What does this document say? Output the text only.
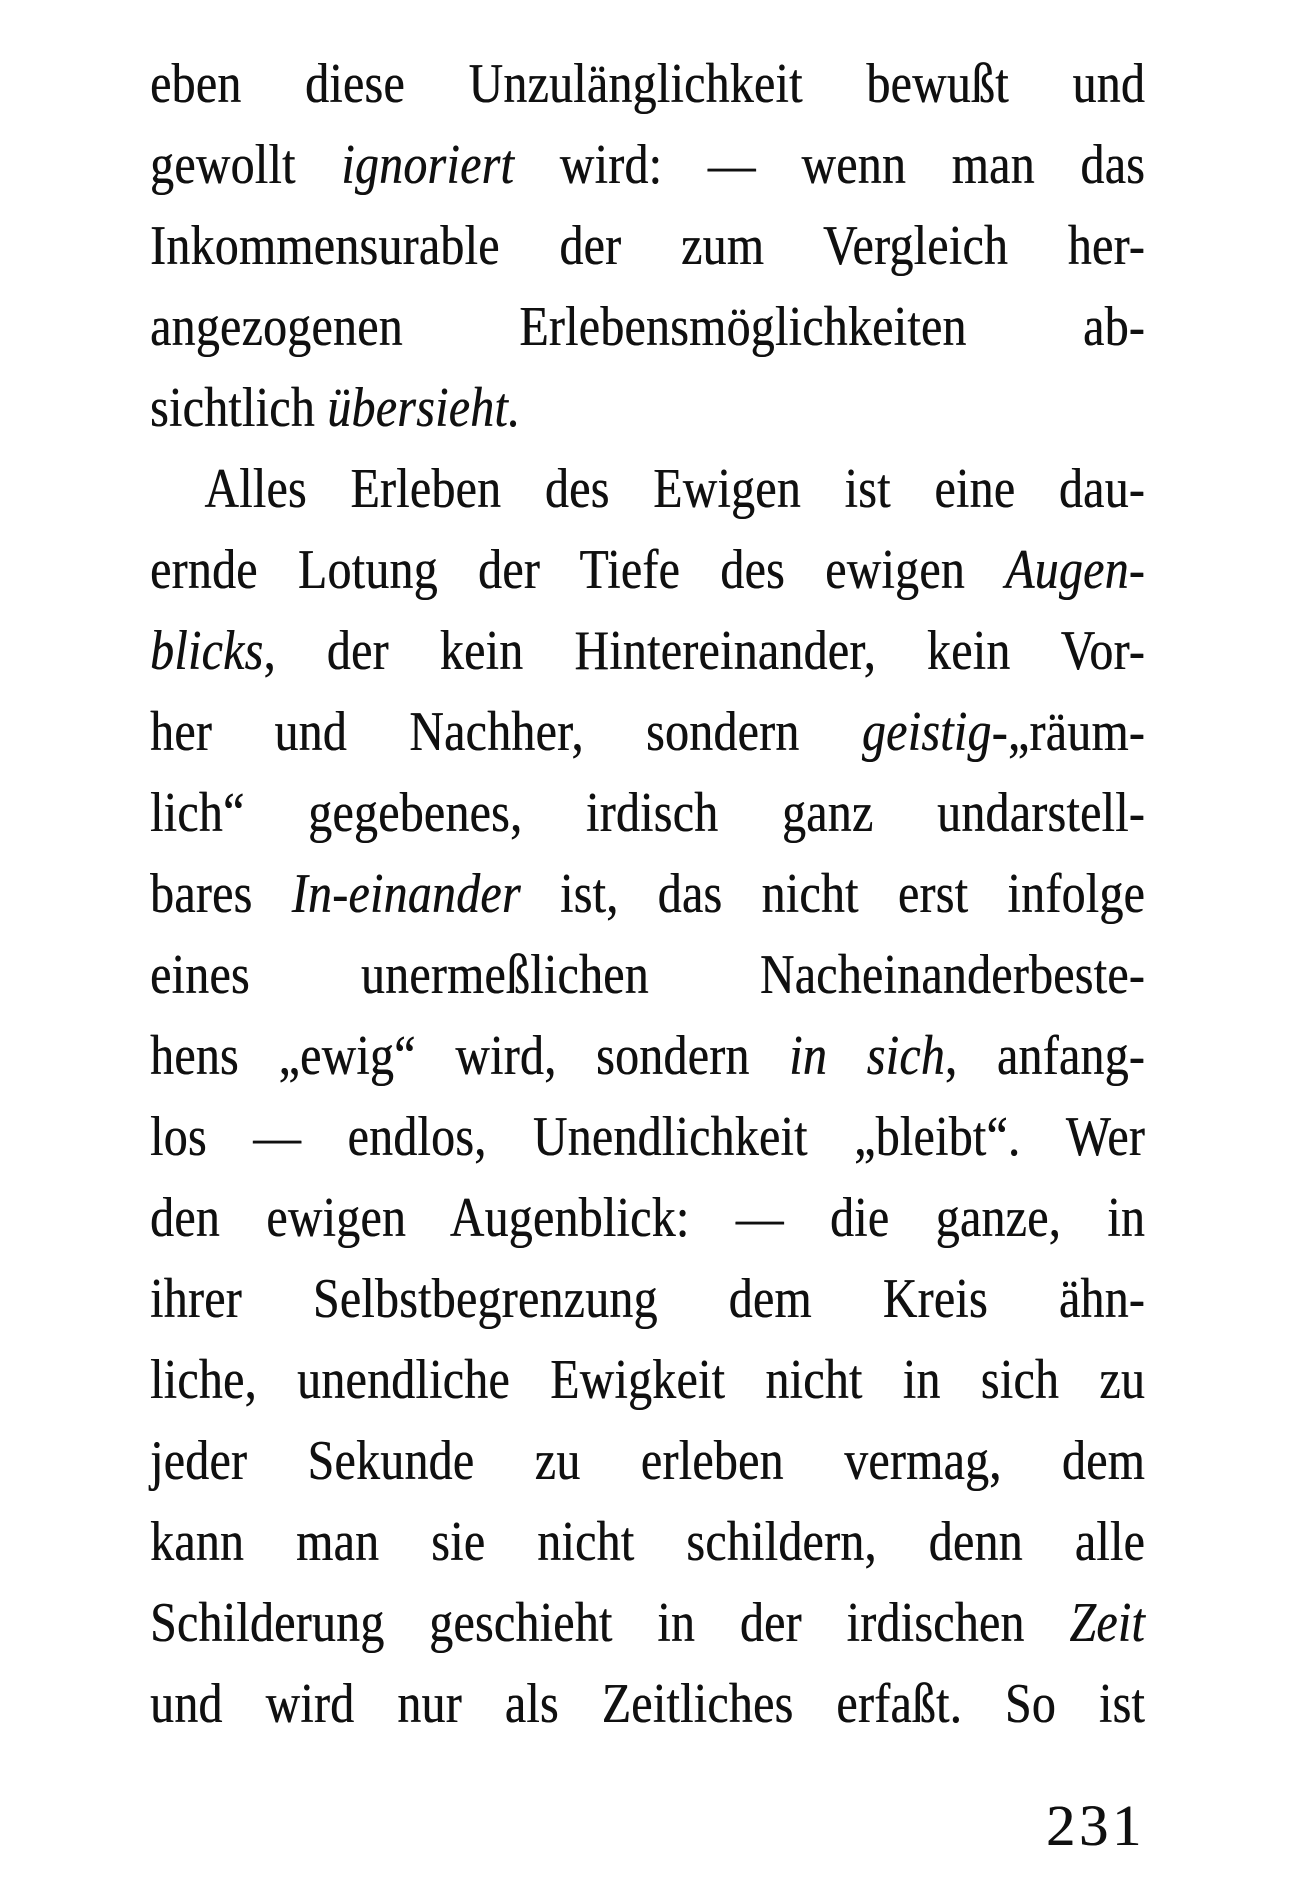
eben diese Unzulänglichkeit bewußt und
gewollt ignoriert wird: — wenn man das
Inkommensurable der zum Vergleich her-
angezogenen Erlebensmöglichkeiten ab-
sichtlich übersieht.
Alles Erleben des Ewigen ist eine dau-
ernde Lotung der Tiefe des ewigen Augen-
blicks, der kein Hintereinander, kein Vor-
her und Nachher, sondern geistig-„räum-
lich“ gegebenes, irdisch ganz undarstell-
bares In-einander ist, das nicht erst infolge
eines unermeßlichen Nacheinanderbeste-
hens „ewig“ wird, sondern in sich, anfang-
los — endlos, Unendlichkeit „bleibt“. Wer
den ewigen Augenblick: — die ganze, in
ihrer Selbstbegrenzung dem Kreis ähn-
liche, unendliche Ewigkeit nicht in sich zu
jeder Sekunde zu erleben vermag, dem
kann man sie nicht schildern, denn alle
Schilderung geschieht in der irdischen Zeit
und wird nur als Zeitliches erfaßt. So ist
231
